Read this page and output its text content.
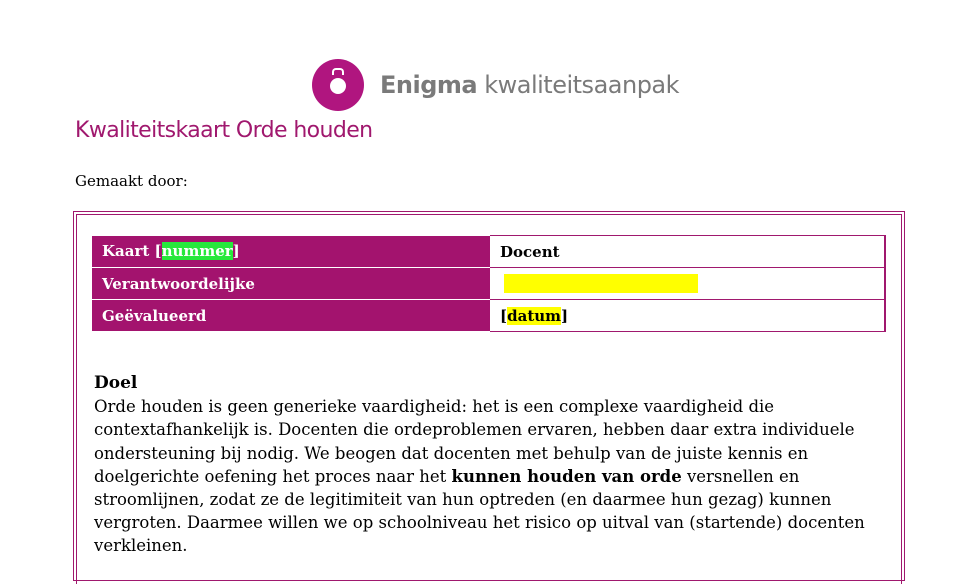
Enigma kwaliteitsaanpak
Kwaliteitskaart Orde houden
Gemaakt door:
Kaart [nummer]	Docent
Verantwoordelijke	
Geëvalueerd	[datum]
Doel

Orde houden is geen generieke vaardigheid: het is een complexe vaardigheid die contextafhankelijk is. Docenten die ordeproblemen ervaren, hebben daar extra individuele ondersteuning bij nodig. We beogen dat docenten met behulp van de juiste kennis en doelgerichte oefening het proces naar het kunnen houden van orde versnellen en stroomlijnen, zodat ze de legitimiteit van hun optreden (en daarmee hun gezag) kunnen vergroten. Daarmee willen we op schoolniveau het risico op uitval van (startende) docenten verkleinen.
